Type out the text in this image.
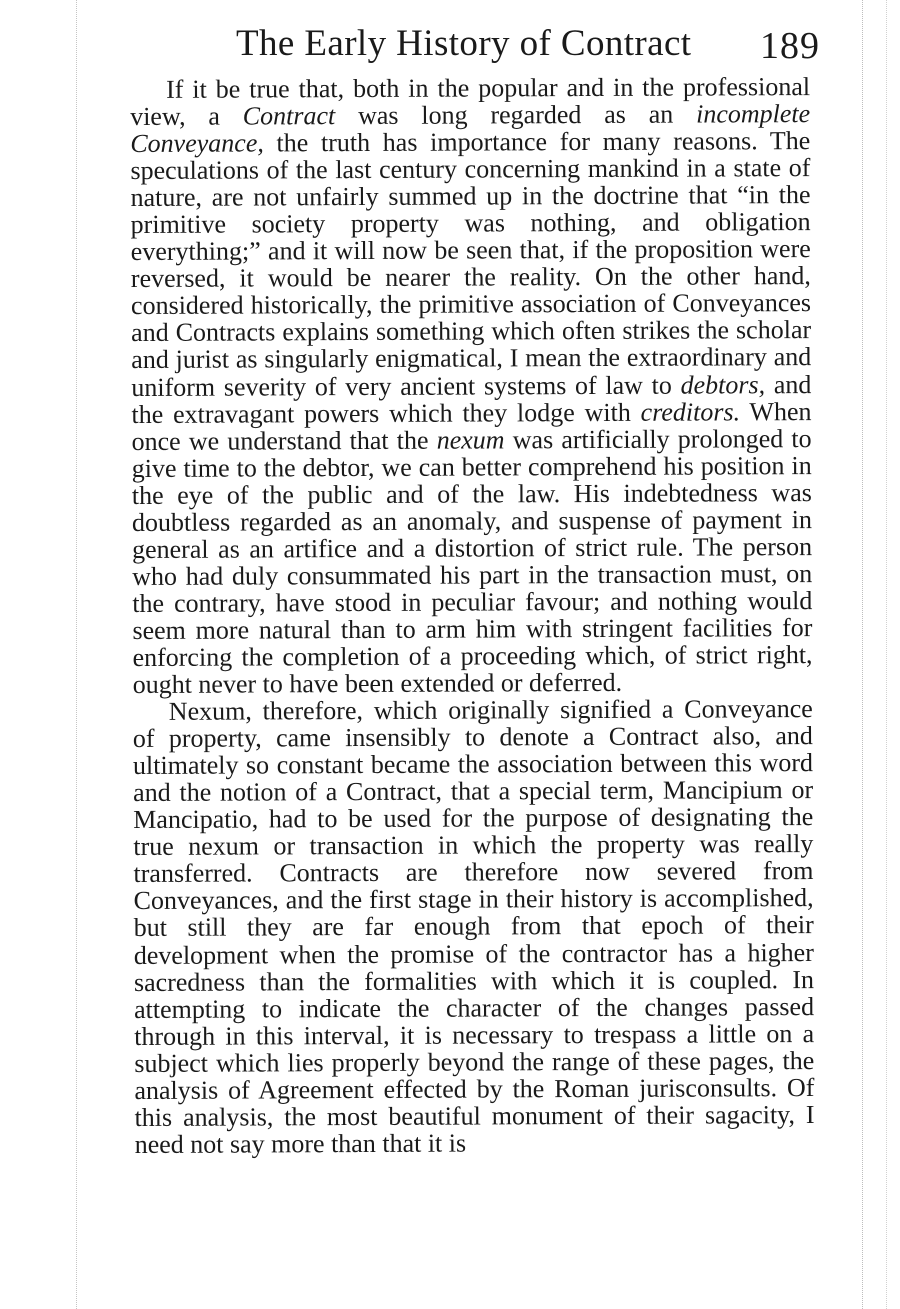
The Early History of Contract 189

If it be true that, both in the popular and in the professional view, a Contract was long regarded as an incomplete Conveyance, the truth has importance for many reasons. The speculations of the last century concerning mankind in a state of nature, are not unfairly summed up in the doctrine that “in the primitive society property was nothing, and obligation everything;” and it will now be seen that, if the proposition were reversed, it would be nearer the reality. On the other hand, considered historically, the primitive association of Conveyances and Contracts explains something which often strikes the scholar and jurist as singularly enigmatical, I mean the extraordinary and uniform severity of very ancient systems of law to debtors, and the extravagant powers which they lodge with creditors. When once we understand that the nexum was artificially prolonged to give time to the debtor, we can better comprehend his position in the eye of the public and of the law. His indebtedness was doubtless regarded as an anomaly, and suspense of payment in general as an artifice and a distortion of strict rule. The person who had duly consummated his part in the transaction must, on the contrary, have stood in peculiar favour; and nothing would seem more natural than to arm him with stringent facilities for enforcing the completion of a proceeding which, of strict right, ought never to have been extended or deferred.

Nexum, therefore, which originally signified a Conveyance of property, came insensibly to denote a Contract also, and ultimately so constant became the association between this word and the notion of a Contract, that a special term, Mancipium or Mancipatio, had to be used for the purpose of designating the true nexum or transaction in which the property was really transferred. Contracts are therefore now severed from Conveyances, and the first stage in their history is accomplished, but still they are far enough from that epoch of their development when the promise of the contractor has a higher sacredness than the formalities with which it is coupled. In attempting to indicate the character of the changes passed through in this interval, it is necessary to trespass a little on a subject which lies properly beyond the range of these pages, the analysis of Agreement effected by the Roman jurisconsults. Of this analysis, the most beautiful monument of their sagacity, I need not say more than that it is
